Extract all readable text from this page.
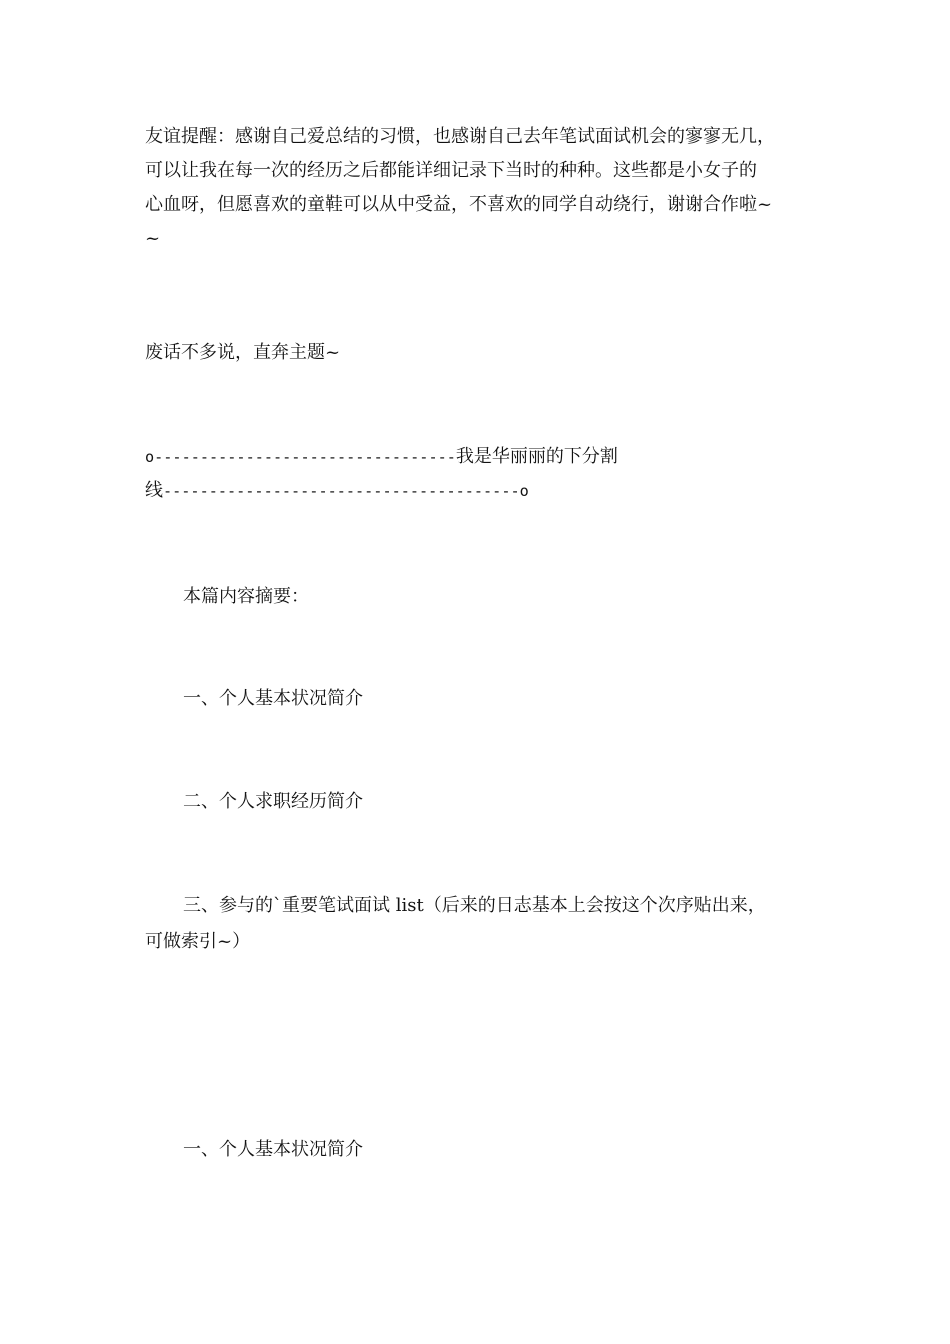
友谊提醒：感谢自己爱总结的习惯，也感谢自己去年笔试面试机会的寥寥无几，
可以让我在每一次的经历之后都能详细记录下当时的种种。这些都是小女子的
心血呀，但愿喜欢的童鞋可以从中受益，不喜欢的同学自动绕行，谢谢合作啦~
~

废话不多说，直奔主题~

o---------------------------------我是华丽丽的下分割
线---------------------------------------o

本篇内容摘要：

一、个人基本状况简介

二、个人求职经历简介

三、参与的`重要笔试面试 list（后来的日志基本上会按这个次序贴出来，

可做索引~）

一、个人基本状况简介
